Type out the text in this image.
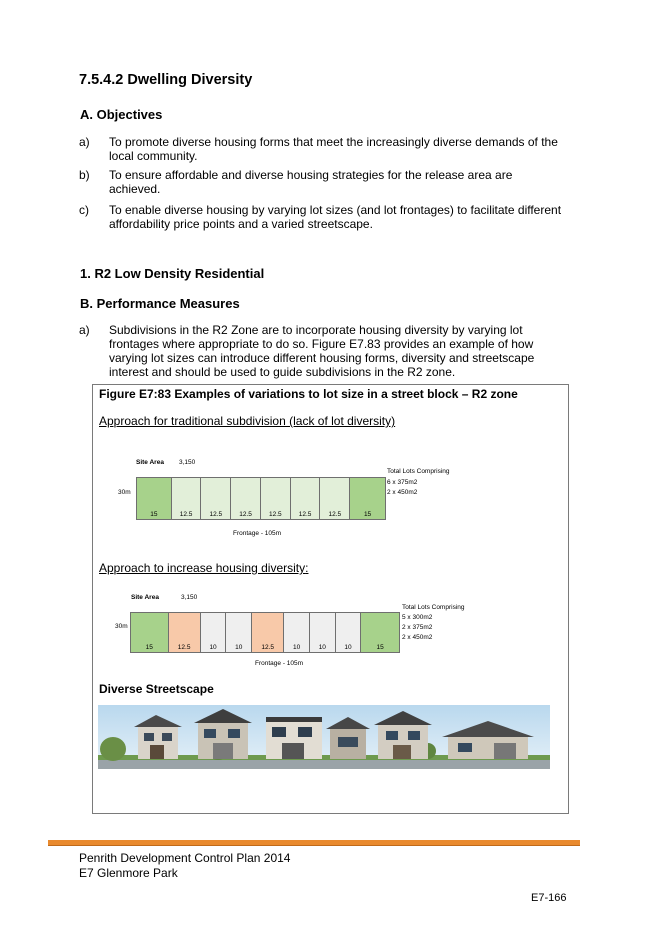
7.5.4.2 Dwelling Diversity
A. Objectives
a) To promote diverse housing forms that meet the increasingly diverse demands of the
local community.
b) To ensure affordable and diverse housing strategies for the release area are
achieved.
c) To enable diverse housing by varying lot sizes (and lot frontages) to facilitate different
affordability price points and a varied streetscape.
1. R2 Low Density Residential
B. Performance Measures
a) Subdivisions in the R2 Zone are to incorporate housing diversity by varying lot
frontages where appropriate to do so. Figure E7.83 provides an example of how
varying lot sizes can introduce different housing forms, diversity and streetscape
interest and should be used to guide subdivisions in the R2 zone.
Figure E7:83 Examples of variations to lot size in a street block – R2 zone
Approach for traditional subdivision (lack of lot diversity)
Site Area 3,150
30m
15	12.5	12.5	12.5	12.5	12.5	12.5	15
Frontage - 105m
Total Lots Comprising
6 x 375m2
2 x 450m2
Approach to increase housing diversity:
Site Area	3,150
30m
15	12.5	10	10	12.5	10	10	10	15
Frontage - 105m
Total Lots Comprising
5 x 300m2
2 x 375m2
2 x 450m2
Diverse Streetscape
Penrith Development Control Plan 2014
E7 Glenmore Park
E7-166
